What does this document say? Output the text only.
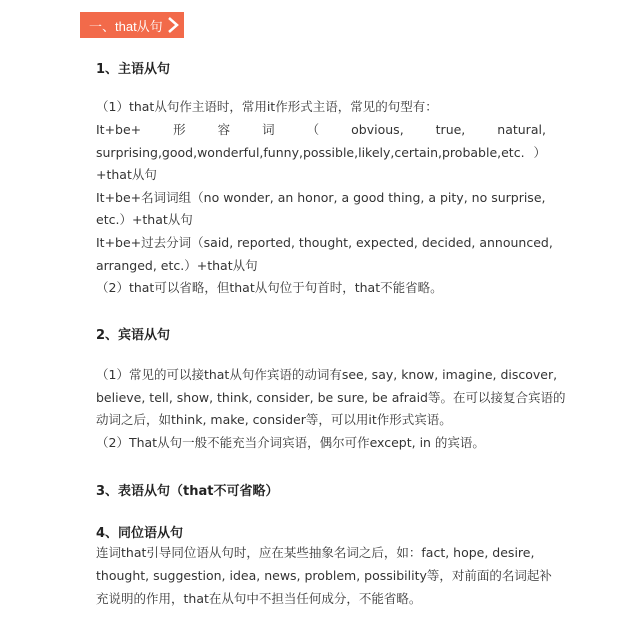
一、that从句
1、主语从句
（1）that从句作主语时，常用it作形式主语，常见的句型有：
It+be+	形	容	词	（	obvious,	true,	natural,
surprising,good,wonderful,funny,possible,likely,certain,probable,etc. ）
+that从句
It+be+名词词组（no wonder, an honor, a good thing, a pity, no surprise,
etc.）+that从句
It+be+过去分词（said, reported, thought, expected, decided, announced,
arranged, etc.）+that从句
（2）that可以省略，但that从句位于句首时，that不能省略。
2、宾语从句
（1）常见的可以接that从句作宾语的动词有see, say, know, imagine, discover,
believe, tell, show, think, consider, be sure, be afraid等。在可以接复合宾语的
动词之后，如think, make, consider等，可以用it作形式宾语。
（2）That从句一般不能充当介词宾语，偶尔可作except, in 的宾语。
3、表语从句（that不可省略）
4、同位语从句
连词that引导同位语从句时，应在某些抽象名词之后，如：fact, hope, desire,
thought, suggestion, idea, news, problem, possibility等，对前面的名词起补
充说明的作用，that在从句中不担当任何成分，不能省略。
